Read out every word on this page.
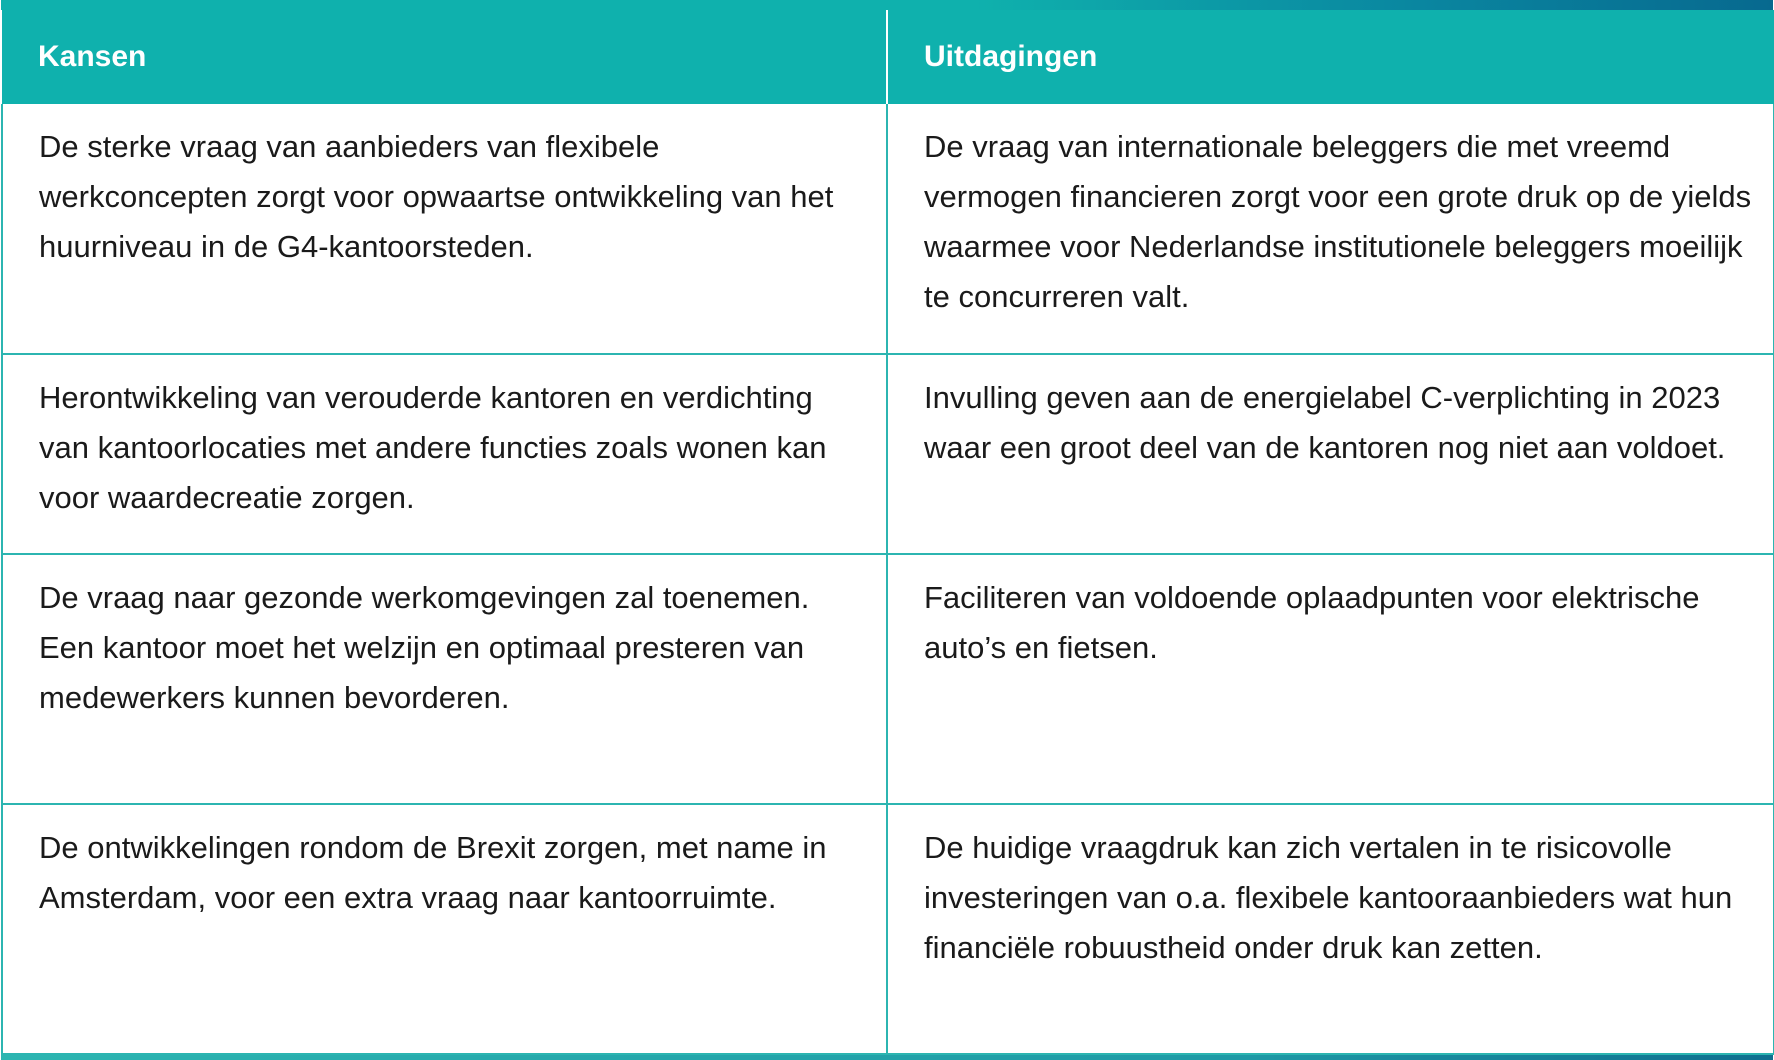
Kansen	Uitdagingen
De sterke vraag van aanbieders van flexibele werkconcepten zorgt voor opwaartse ontwikkeling van het huurniveau in de G4-kantoorsteden.	De vraag van internationale beleggers die met vreemd vermogen financieren zorgt voor een grote druk op de yields waarmee voor Nederlandse institutionele beleggers moeilijk te concurreren valt.
Herontwikkeling van verouderde kantoren en verdichting van kantoorlocaties met andere functies zoals wonen kan voor waardecreatie zorgen.	Invulling geven aan de energielabel C-verplichting in 2023 waar een groot deel van de kantoren nog niet aan voldoet.
De vraag naar gezonde werkomgevingen zal toenemen. Een kantoor moet het welzijn en optimaal presteren van medewerkers kunnen bevorderen.	Faciliteren van voldoende oplaadpunten voor elektrische auto’s en fietsen.
De ontwikkelingen rondom de Brexit zorgen, met name in Amsterdam, voor een extra vraag naar kantoorruimte.	De huidige vraagdruk kan zich vertalen in te risicovolle investeringen van o.a. flexibele kantooraanbieders wat hun financiële robuustheid onder druk kan zetten.
